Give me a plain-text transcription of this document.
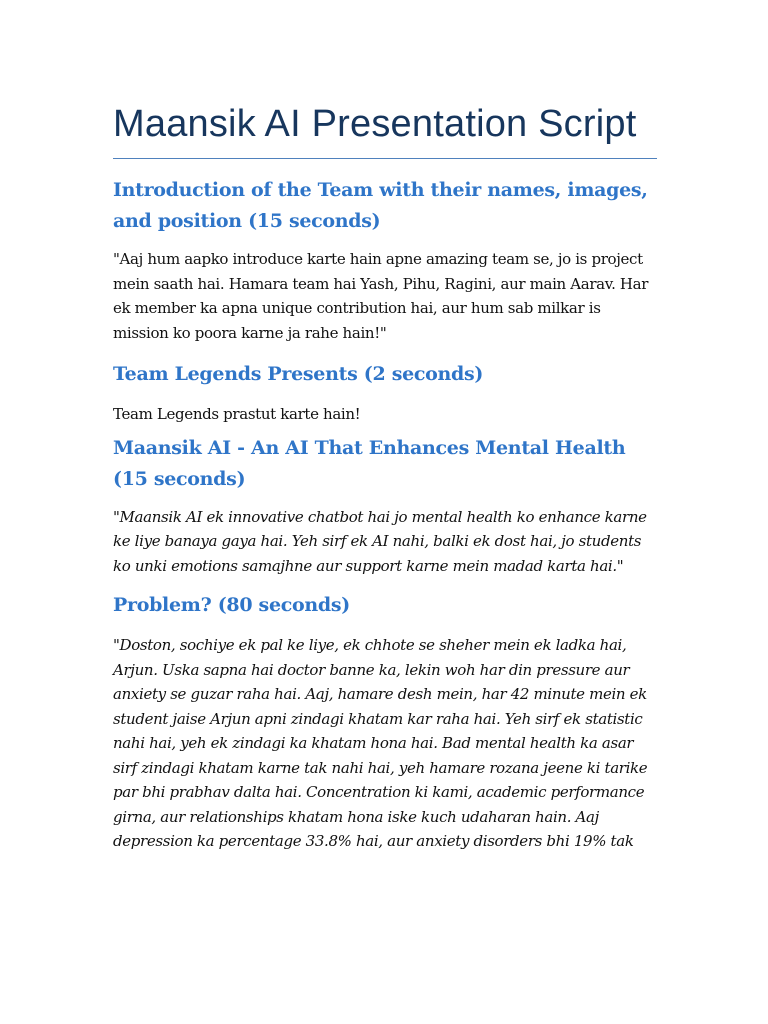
Maansik AI Presentation Script
Introduction of the Team with their names, images, and position (15 seconds)

"Aaj hum aapko introduce karte hain apne amazing team se, jo is project mein saath hai. Hamara team hai Yash, Pihu, Ragini, aur main Aarav. Har ek member ka apna unique contribution hai, aur hum sab milkar is mission ko poora karne ja rahe hain!"

Team Legends Presents (2 seconds)

Team Legends prastut karte hain!

Maansik AI - An AI That Enhances Mental Health (15 seconds)

"Maansik AI ek innovative chatbot hai jo mental health ko enhance karne ke liye banaya gaya hai. Yeh sirf ek AI nahi, balki ek dost hai, jo students ko unki emotions samajhne aur support karne mein madad karta hai."

Problem? (80 seconds)

"Doston, sochiye ek pal ke liye, ek chhote se sheher mein ek ladka hai, Arjun. Uska sapna hai doctor banne ka, lekin woh har din pressure aur anxiety se guzar raha hai. Aaj, hamare desh mein, har 42 minute mein ek student jaise Arjun apni zindagi khatam kar raha hai. Yeh sirf ek statistic nahi hai, yeh ek zindagi ka khatam hona hai. Bad mental health ka asar sirf zindagi khatam karne tak nahi hai, yeh hamare rozana jeene ki tarike par bhi prabhav dalta hai. Concentration ki kami, academic performance girna, aur relationships khatam hona iske kuch udaharan hain. Aaj depression ka percentage 33.8% hai, aur anxiety disorders bhi 19% tak
